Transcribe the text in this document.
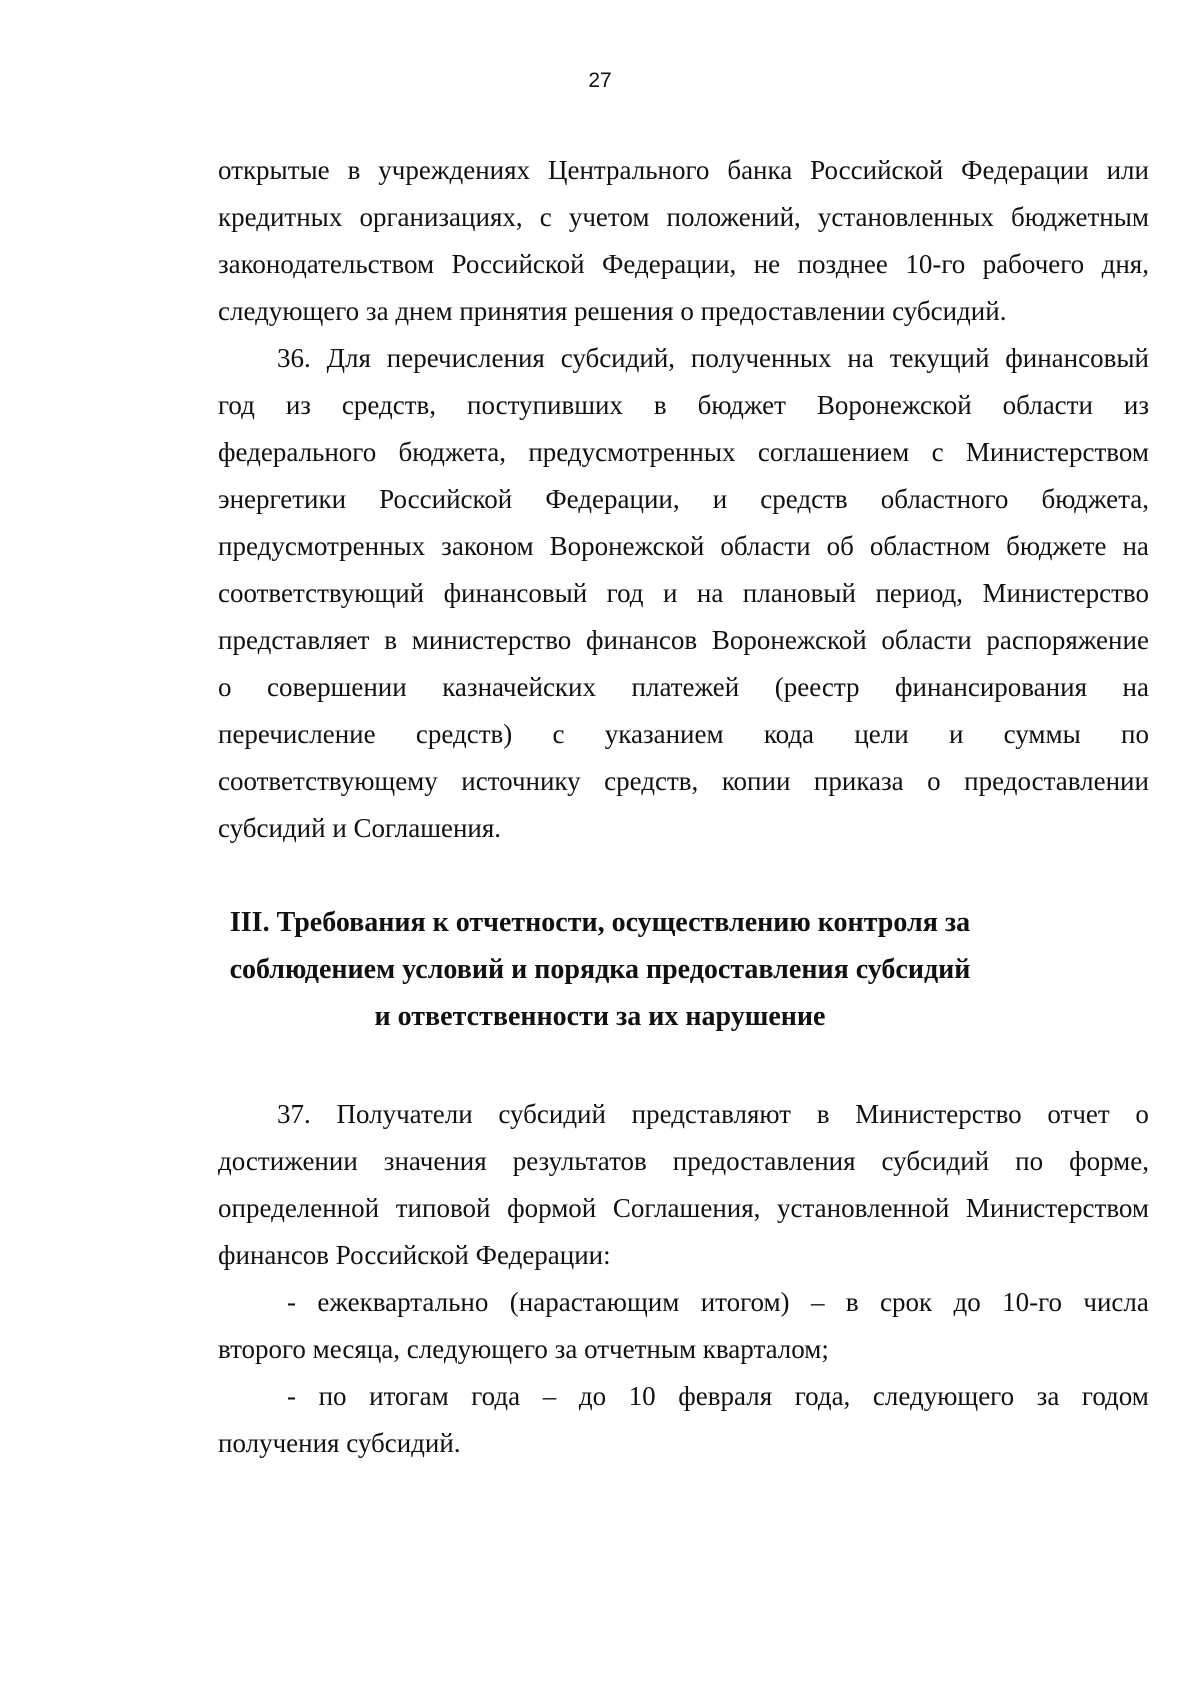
27
открытые в учреждениях Центрального банка Российской Федерации или
кредитных организациях, с учетом положений, установленных бюджетным
законодательством Российской Федерации, не позднее 10-го рабочего дня,
следующего за днем принятия решения о предоставлении субсидий.
36. Для перечисления субсидий, полученных на текущий финансовый
год из средств, поступивших в бюджет Воронежской области из
федерального бюджета, предусмотренных соглашением с Министерством
энергетики Российской Федерации, и средств областного бюджета,
предусмотренных законом Воронежской области об областном бюджете на
соответствующий финансовый год и на плановый период, Министерство
представляет в министерство финансов Воронежской области распоряжение
о совершении казначейских платежей (реестр финансирования на
перечисление средств) с указанием кода цели и суммы по
соответствующему источнику средств, копии приказа о предоставлении
субсидий и Соглашения.
III. Требования к отчетности, осуществлению контроля за
соблюдением условий и порядка предоставления субсидий
и ответственности за их нарушение
37. Получатели субсидий представляют в Министерство отчет о
достижении значения результатов предоставления субсидий по форме,
определенной типовой формой Соглашения, установленной Министерством
финансов Российской Федерации:
- ежеквартально (нарастающим итогом) – в срок до 10-го числа
второго месяца, следующего за отчетным кварталом;
- по итогам года – до 10 февраля года, следующего за годом
получения субсидий.
